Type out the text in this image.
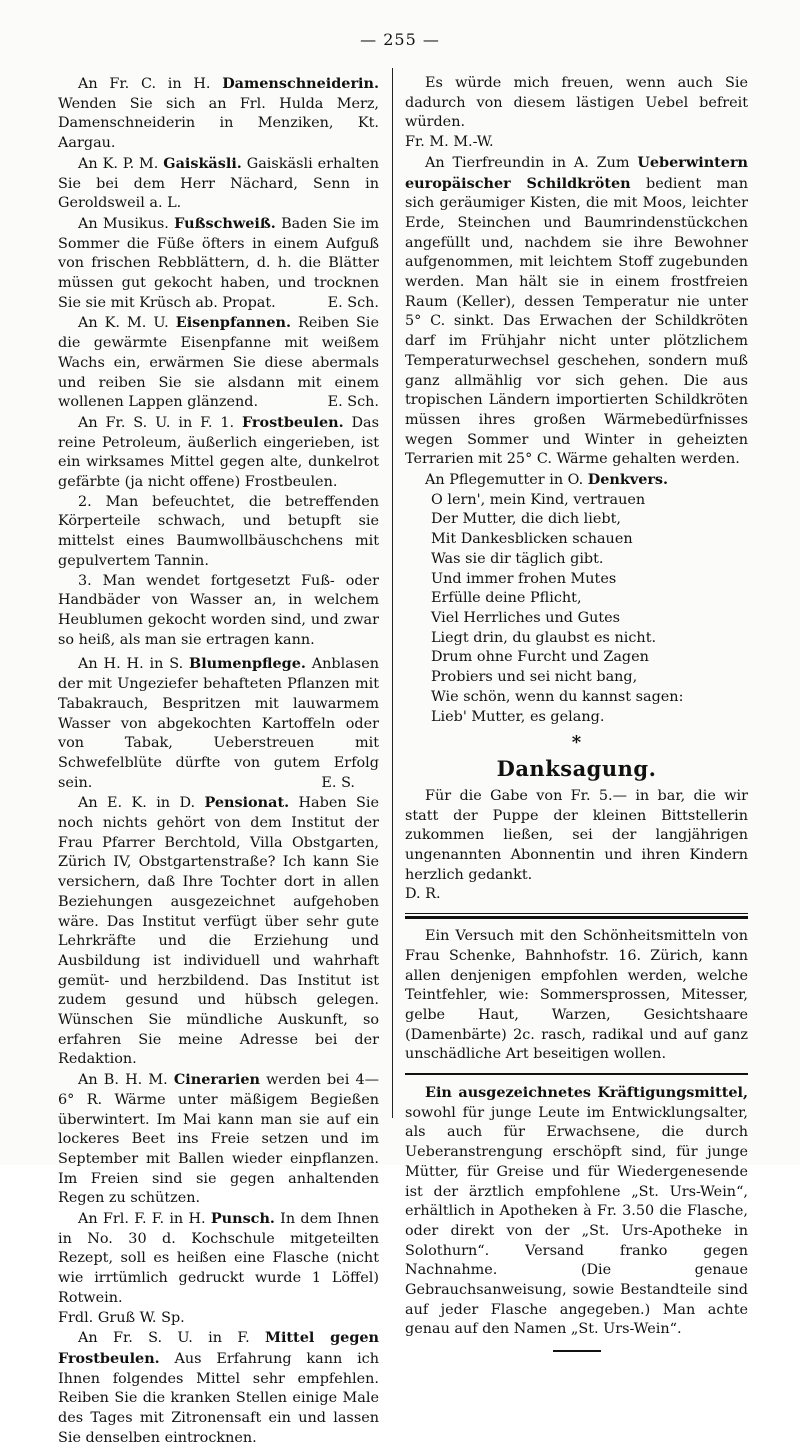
— 255 —

An Fr. C. in H. Damenschneiderin. Wenden Sie sich an Frl. Hulda Merz, Damenschneiderin in Menziken, Kt. Aargau.

An K. P. M. Gaiskäsli. Gaiskäsli erhalten Sie bei dem Herr Nächard, Senn in Geroldsweil a. L.

An Musikus. Fußschweiß. Baden Sie im Sommer die Füße öfters in einem Aufguß von frischen Rebblättern, d. h. die Blätter müssen gut gekocht haben, und trocknen Sie sie mit Krüsch ab. Propat.	E. Sch.

An K. M. U. Eisenpfannen. Reiben Sie die gewärmte Eisenpfanne mit weißem Wachs ein, erwärmen Sie diese abermals und reiben Sie sie alsdann mit einem wollenen Lappen glänzend.	E. Sch.

An Fr. S. U. in F. 1. Frostbeulen. Das reine Petroleum, äußerlich eingerieben, ist ein wirksames Mittel gegen alte, dunkelrot gefärbte (ja nicht offene) Frostbeulen.

2. Man befeuchtet, die betreffenden Körperteile schwach, und betupft sie mittelst eines Baumwollbäuschchens mit gepulvertem Tannin.

3. Man wendet fortgesetzt Fuß- oder Handbäder von Wasser an, in welchem Heublumen gekocht worden sind, und zwar so heiß, als man sie ertragen kann.

An H. H. in S. Blumenpflege. Anblasen der mit Ungeziefer behafteten Pflanzen mit Tabakrauch, Bespritzen mit lauwarmem Wasser von abgekochten Kartoffeln oder von Tabak, Ueberstreuen mit Schwefelblüte dürfte von gutem Erfolg sein.	E. S.

An E. K. in D. Pensionat. Haben Sie noch nichts gehört von dem Institut der Frau Pfarrer Berchtold, Villa Obstgarten, Zürich IV, Obstgartenstraße? Ich kann Sie versichern, daß Ihre Tochter dort in allen Beziehungen ausgezeichnet aufgehoben wäre. Das Institut verfügt über sehr gute Lehrkräfte und die Erziehung und Ausbildung ist individuell und wahrhaft gemüt- und herzbildend. Das Institut ist zudem gesund und hübsch gelegen. Wünschen Sie mündliche Auskunft, so erfahren Sie meine Adresse bei der Redaktion.

An B. H. M. Cinerarien werden bei 4—6° R. Wärme unter mäßigem Begießen überwintert. Im Mai kann man sie auf ein lockeres Beet ins Freie setzen und im September mit Ballen wieder einpflanzen. Im Freien sind sie gegen anhaltenden Regen zu schützen.

An Frl. F. F. in H. Punsch. In dem Ihnen in No. 30 d. Kochschule mitgeteilten Rezept, soll es heißen eine Flasche (nicht wie irrtümlich gedruckt wurde 1 Löffel) Rotwein.

Frdl. Gruß W. Sp.

An Fr. S. U. in F. Mittel gegen Frostbeulen. Aus Erfahrung kann ich Ihnen folgendes Mittel sehr empfehlen. Reiben Sie die kranken Stellen einige Male des Tages mit Zitronensaft ein und lassen Sie denselben eintrocknen.

Es würde mich freuen, wenn auch Sie dadurch von diesem lästigen Uebel befreit würden.

Fr. M. M.-W.

An Tierfreundin in A. Zum Ueberwintern europäischer Schildkröten bedient man sich geräumiger Kisten, die mit Moos, leichter Erde, Steinchen und Baumrindenstückchen angefüllt und, nachdem sie ihre Bewohner aufgenommen, mit leichtem Stoff zugebunden werden. Man hält sie in einem frostfreien Raum (Keller), dessen Temperatur nie unter 5° C. sinkt. Das Erwachen der Schildkröten darf im Frühjahr nicht unter plötzlichem Temperaturwechsel geschehen, sondern muß ganz allmählig vor sich gehen. Die aus tropischen Ländern importierten Schildkröten müssen ihres großen Wärmebedürfnisses wegen Sommer und Winter in geheizten Terrarien mit 25° C. Wärme gehalten werden.

An Pflegemutter in O. Denkvers.

O lern', mein Kind, vertrauen
Der Mutter, die dich liebt,
Mit Dankesblicken schauen
Was sie dir täglich gibt.
Und immer frohen Mutes
Erfülle deine Pflicht,
Viel Herrliches und Gutes
Liegt drin, du glaubst es nicht.
Drum ohne Furcht und Zagen
Probiers und sei nicht bang,
Wie schön, wenn du kannst sagen:
Lieb' Mutter, es gelang.
*
Danksagung.

Für die Gabe von Fr. 5.— in bar, die wir statt der Puppe der kleinen Bittstellerin zukommen ließen, sei der langjährigen ungenannten Abonnentin und ihren Kindern herzlich gedankt.

D. R.

Ein Versuch mit den Schönheitsmitteln von Frau Schenke, Bahnhofstr. 16. Zürich, kann allen denjenigen empfohlen werden, welche Teintfehler, wie: Sommersprossen, Mitesser, gelbe Haut, Warzen, Gesichtshaare (Damenbärte) 2c. rasch, radikal und auf ganz unschädliche Art beseitigen wollen.

Ein ausgezeichnetes Kräftigungsmittel, sowohl für junge Leute im Entwicklungsalter, als auch für Erwachsene, die durch Ueberanstrengung erschöpft sind, für junge Mütter, für Greise und für Wiedergenesende ist der ärztlich empfohlene „St. Urs-Wein“, erhältlich in Apotheken à Fr. 3.50 die Flasche, oder direkt von der „St. Urs-Apotheke in Solothurn“. Versand franko gegen Nachnahme. (Die genaue Gebrauchsanweisung, sowie Bestandteile sind auf jeder Flasche angegeben.) Man achte genau auf den Namen „St. Urs-Wein“.
